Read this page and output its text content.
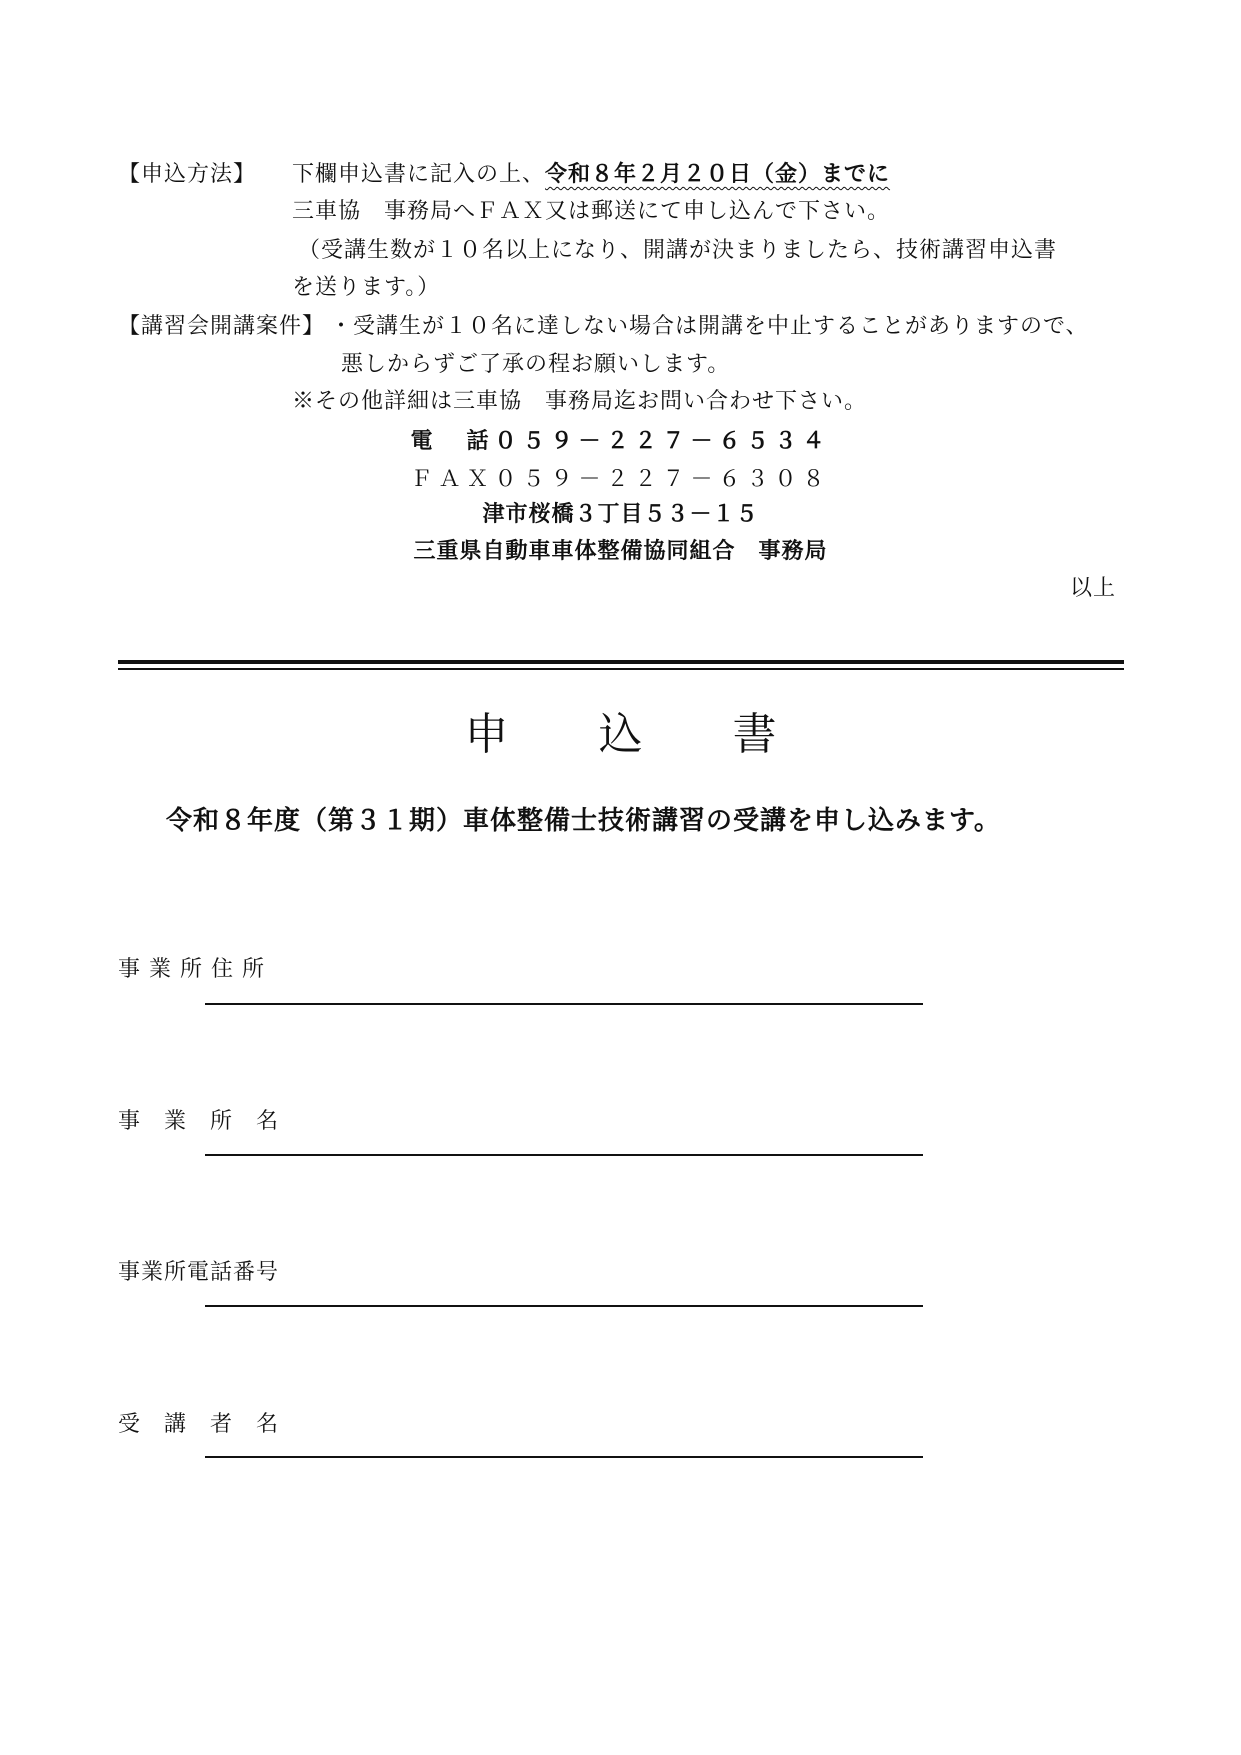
【申込方法】 下欄申込書に記入の上、令和８年２月２０日（金）までに
三車協　事務局へＦＡＸ又は郵送にて申し込んで下さい。
（受講生数が１０名以上になり、開講が決まりましたら、技術講習申込書
を送ります。）
【講習会開講案件】 ・受講生が１０名に達しない場合は開講を中止することがありますので、
悪しからずご了承の程お願いします。
※その他詳細は三車協　事務局迄お問い合わせ下さい。
電　話０５９－２２７－６５３４
ＦＡＸ０５９－２２７－６３０８
津市桜橋３丁目５３－１５
三重県自動車車体整備協同組合　事務局
以上
申 込 書
令和８年度（第３１期）車体整備士技術講習の受講を申し込みます。
事 業 所 住 所
事　業　所　名
事業所電話番号
受　講　者　名
